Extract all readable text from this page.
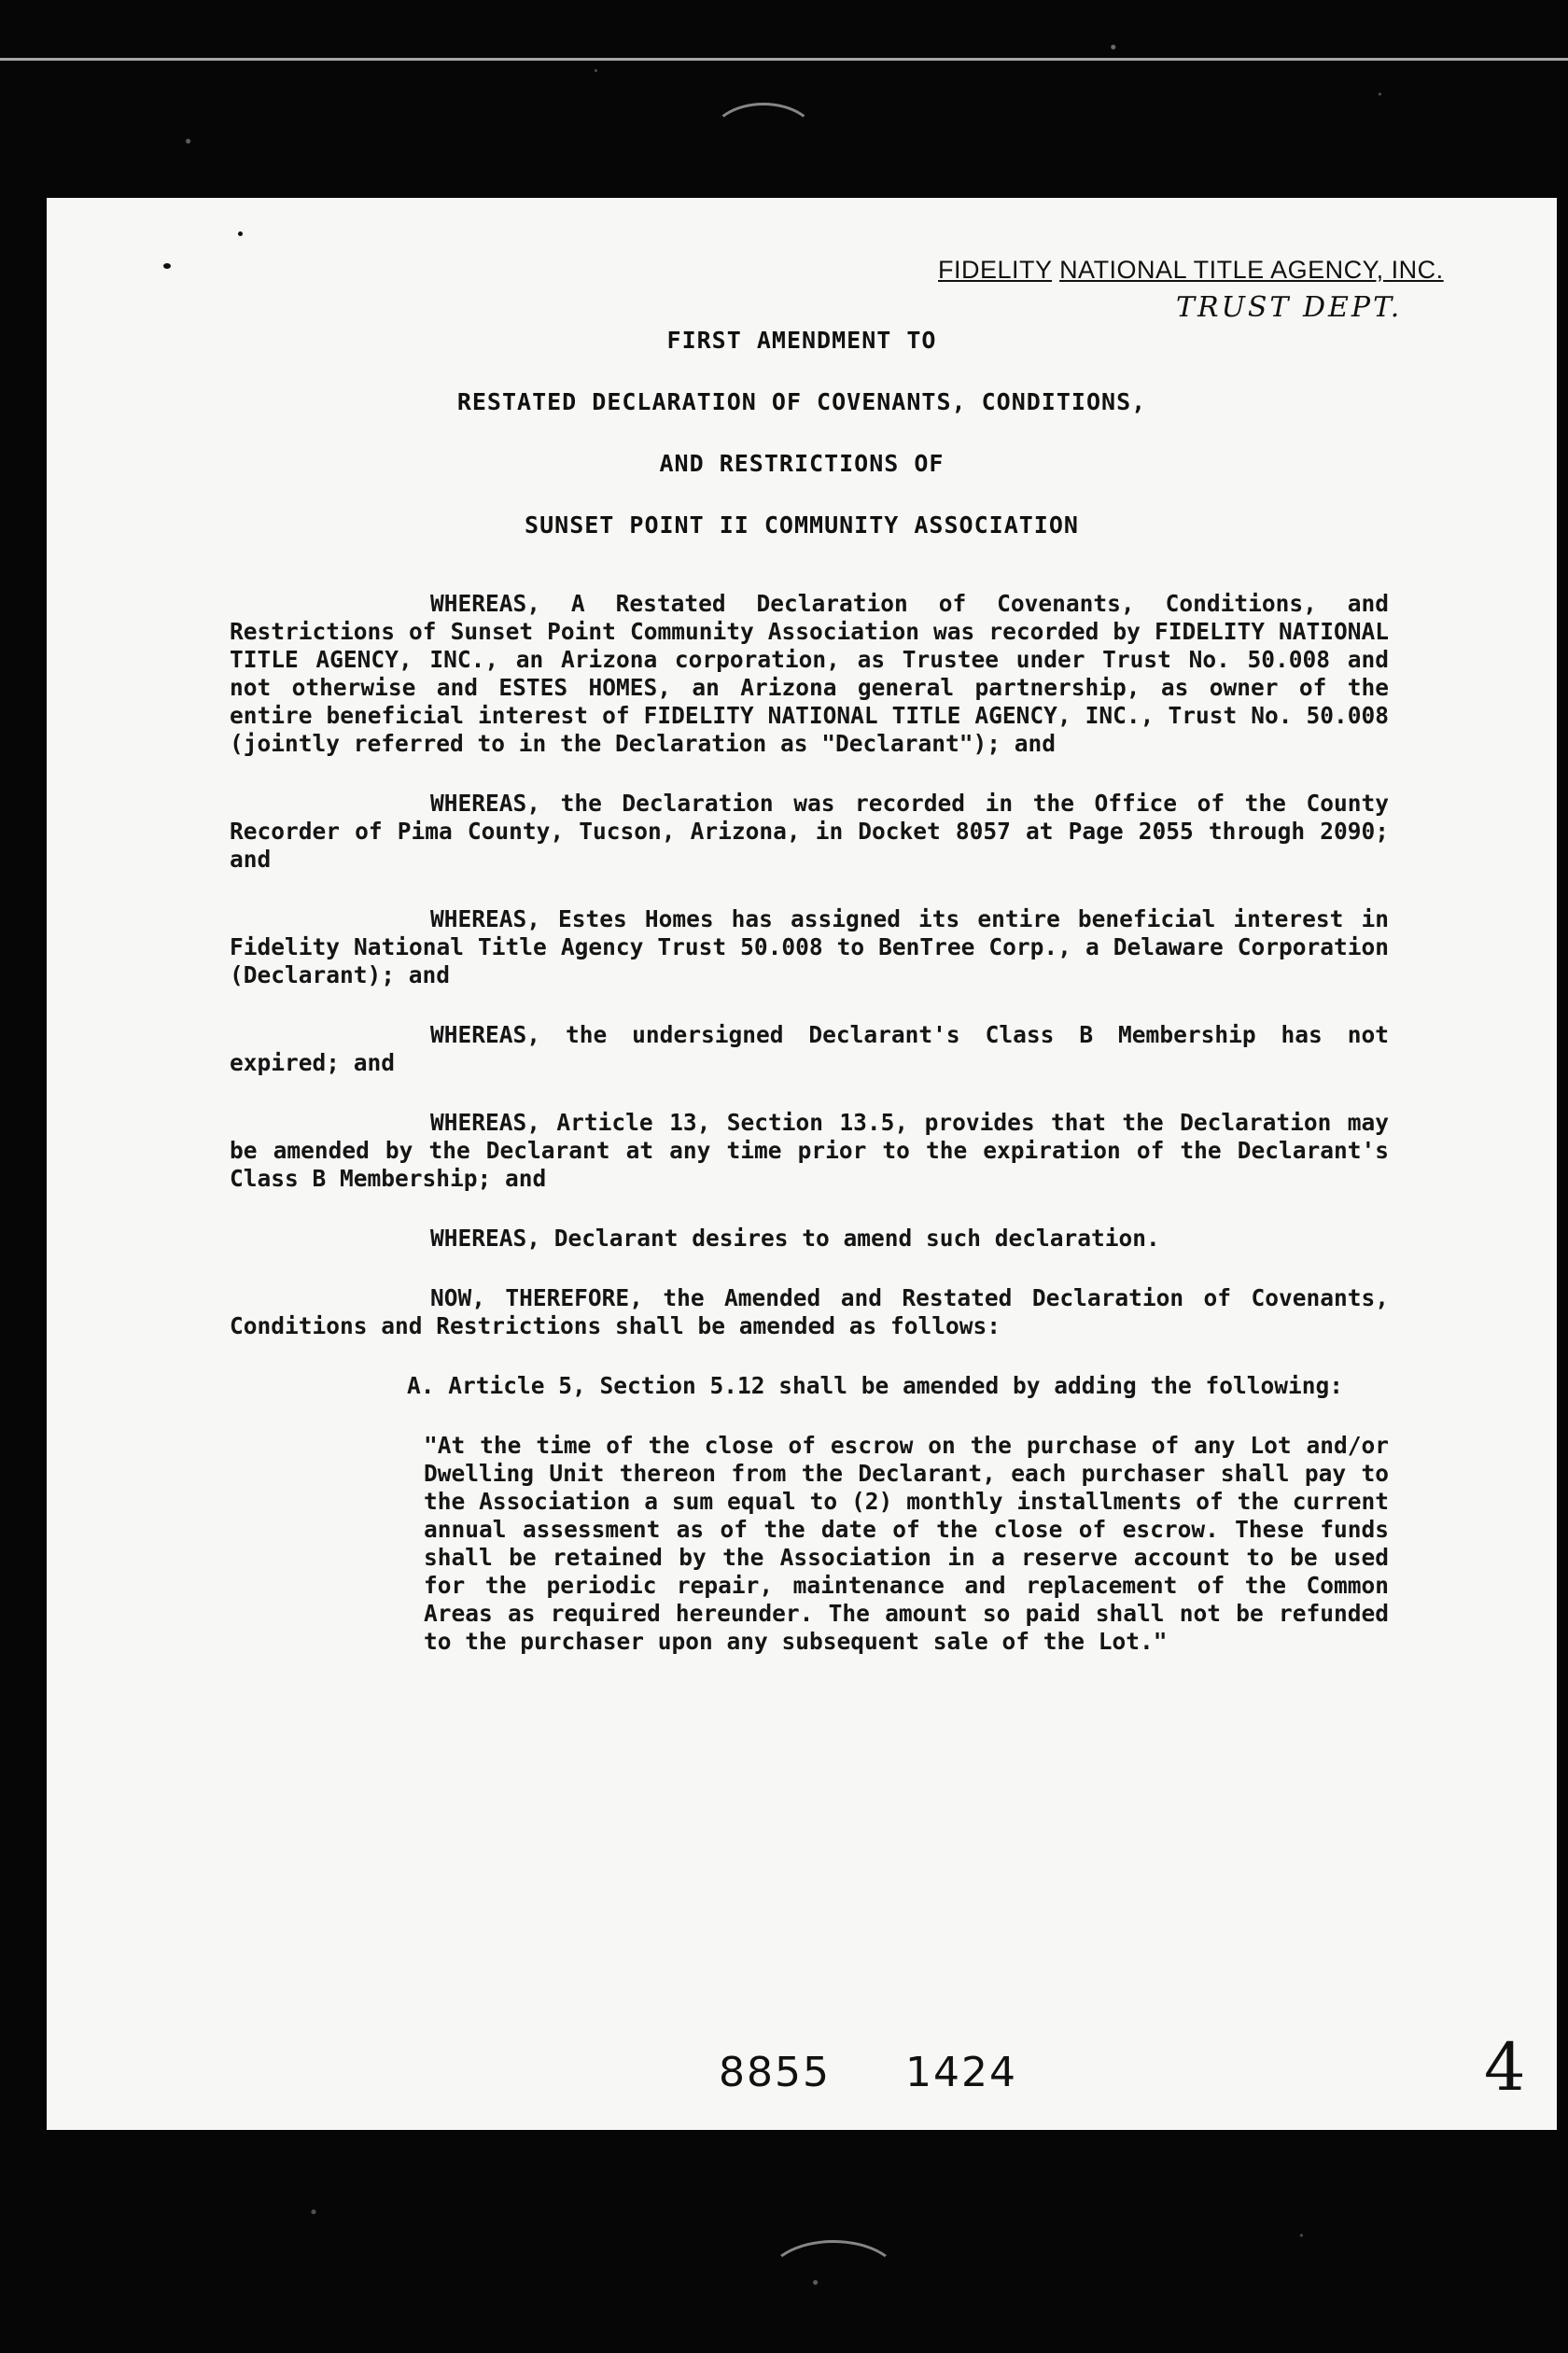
FIDELITY NATIONAL TITLE AGENCY, INC.
TRUST DEPT.
FIRST AMENDMENT TO
RESTATED DECLARATION OF COVENANTS, CONDITIONS,
AND RESTRICTIONS OF
SUNSET POINT II COMMUNITY ASSOCIATION

WHEREAS, A Restated Declaration of Covenants, Conditions, and Restrictions of Sunset Point Community Association was recorded by FIDELITY NATIONAL TITLE AGENCY, INC., an Arizona corporation, as Trustee under Trust No. 50.008 and not otherwise and ESTES HOMES, an Arizona general partnership, as owner of the entire beneficial interest of FIDELITY NATIONAL TITLE AGENCY, INC., Trust No. 50.008 (jointly referred to in the Declaration as "Declarant"); and

WHEREAS, the Declaration was recorded in the Office of the County Recorder of Pima County, Tucson, Arizona, in Docket 8057 at Page 2055 through 2090; and

WHEREAS, Estes Homes has assigned its entire beneficial interest in Fidelity National Title Agency Trust 50.008 to BenTree Corp., a Delaware Corporation (Declarant); and

WHEREAS, the undersigned Declarant's Class B Membership has not expired; and

WHEREAS, Article 13, Section 13.5, provides that the Declaration may be amended by the Declarant at any time prior to the expiration of the Declarant's Class B Membership; and

WHEREAS, Declarant desires to amend such declaration.

NOW, THEREFORE, the Amended and Restated Declaration of Covenants, Conditions and Restrictions shall be amended as follows:

A. Article 5, Section 5.12 shall be amended by adding the following:

"At the time of the close of escrow on the purchase of any Lot and/or Dwelling Unit thereon from the Declarant, each purchaser shall pay to the Association a sum equal to (2) monthly installments of the current annual assessment as of the date of the close of escrow. These funds shall be retained by the Association in a reserve account to be used for the periodic repair, maintenance and replacement of the Common Areas as required hereunder. The amount so paid shall not be refunded to the purchaser upon any subsequent sale of the Lot."

8855 1424	4
